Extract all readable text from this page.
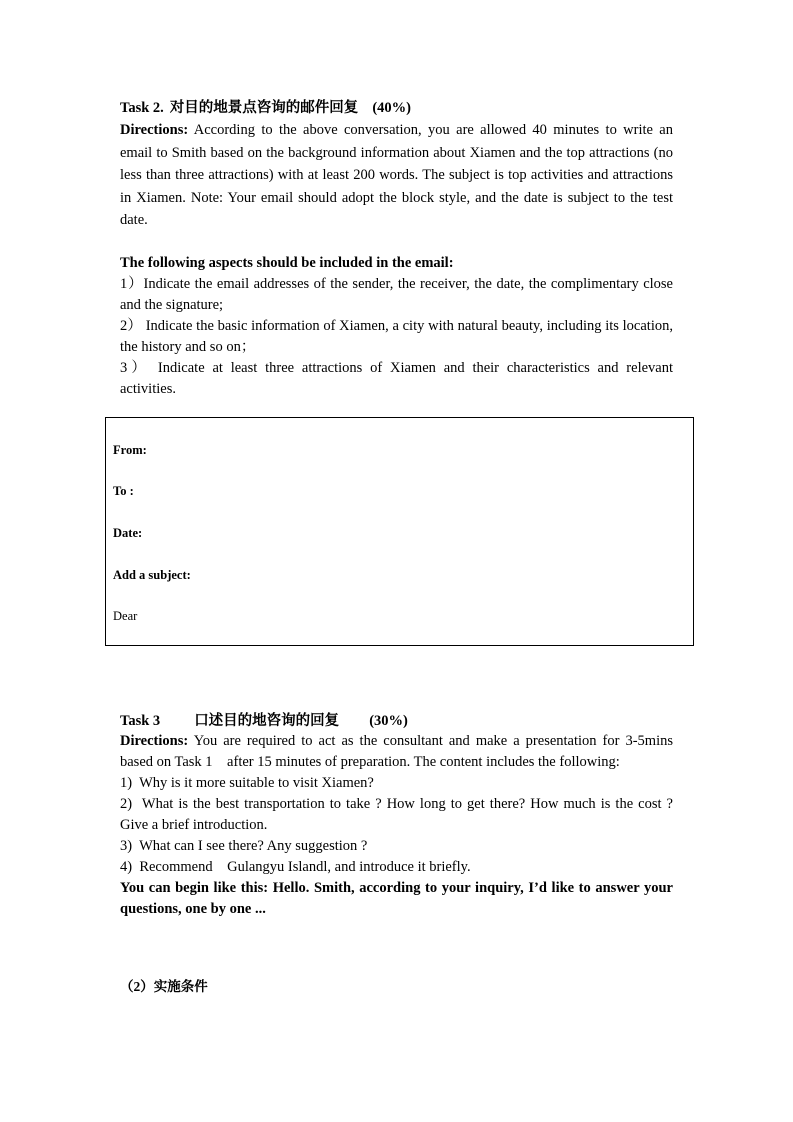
Task 2. 对目的地景点咨询的邮件回复 (40%)
Directions: According to the above conversation, you are allowed 40 minutes to write an email to Smith based on the background information about Xiamen and the top attractions (no less than three attractions) with at least 200 words. The subject is top activities and attractions in Xiamen. Note: Your email should adopt the block style, and the date is subject to the test date.
The following aspects should be included in the email:
1）Indicate the email addresses of the sender, the receiver, the date, the complimentary close and the signature;
2） Indicate the basic information of Xiamen, a city with natural beauty, including its location, the history and so on；
3） Indicate at least three attractions of Xiamen and their characteristics and relevant activities.
From:
To :
Date:
Add a subject:
Dear
Task 3 口述目的地咨询的回复 (30%)
Directions: You are required to act as the consultant and make a presentation for 3-5mins based on Task 1    after 15 minutes of preparation. The content includes the following:
1)  Why is it more suitable to visit Xiamen?
2)  What is the best transportation to take ? How long to get there? How much is the cost ? Give a brief introduction.
3)  What can I see there? Any suggestion ?
4)  Recommend    Gulangyu Islandl, and introduce it briefly.
You can begin like this: Hello. Smith, according to your inquiry, I’d like to answer your questions, one by one ...
（2）实施条件
